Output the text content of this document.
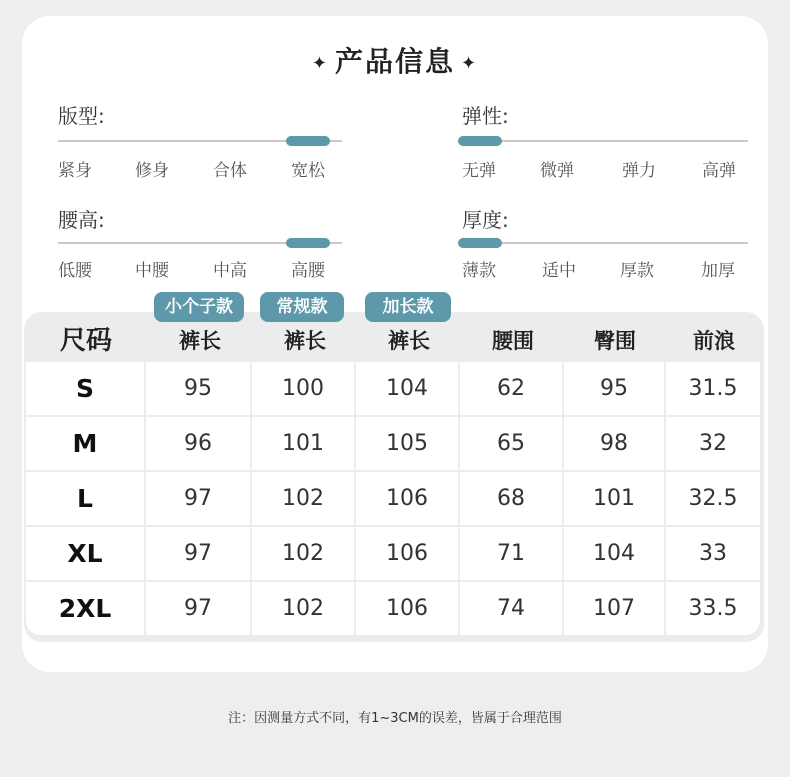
✦ 产品信息 ✦
版型:
紧身	修身	合体	宽松
弹性:
无弹	微弹	弹力	高弹
腰高:
低腰	中腰	中高	高腰
厚度:
薄款	适中	厚款	加厚
小个子款	常规款	加长款
尺码	裤长	裤长	裤长	腰围	臀围	前浪
S	95	100	104	62	95	31.5
M	96	101	105	65	98	32
L	97	102	106	68	101	32.5
XL	97	102	106	71	104	33
2XL	97	102	106	74	107	33.5
注：因测量方式不同，有1~3CM的误差，皆属于合理范围
